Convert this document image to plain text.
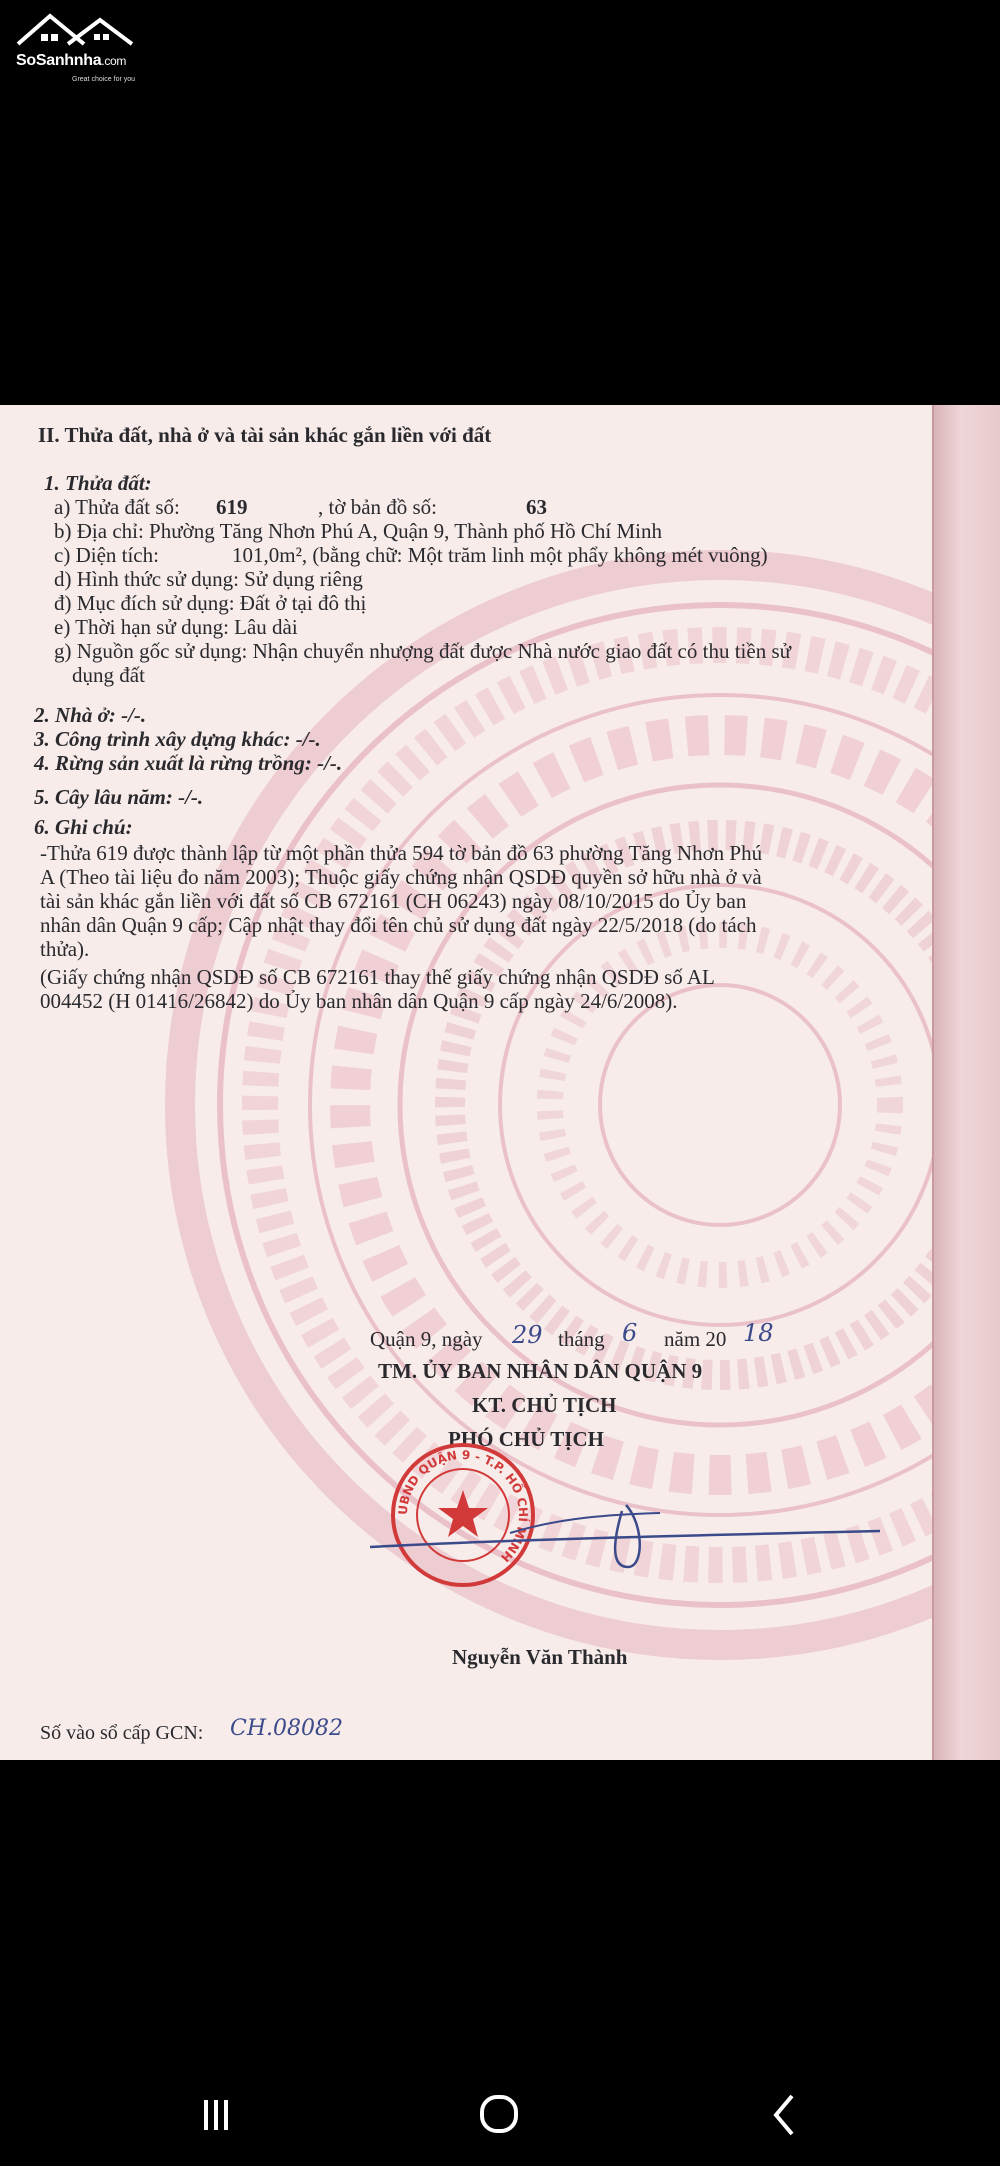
SoSanhnha.com
Great choice for you
II. Thửa đất, nhà ở và tài sản khác gắn liền với đất
1. Thửa đất:
a) Thửa đất số: 619	, tờ bản đồ số:	63
b) Địa chỉ: Phường Tăng Nhơn Phú A, Quận 9, Thành phố Hồ Chí Minh
c) Diện tích:	101,0m², (bằng chữ: Một trăm linh một phẩy không mét vuông)
d) Hình thức sử dụng: Sử dụng riêng
đ) Mục đích sử dụng: Đất ở tại đô thị
e) Thời hạn sử dụng: Lâu dài
g) Nguồn gốc sử dụng: Nhận chuyển nhượng đất được Nhà nước giao đất có thu tiền sử
dụng đất
2. Nhà ở: -/-.
3. Công trình xây dựng khác: -/-.
4. Rừng sản xuất là rừng trồng: -/-.
5. Cây lâu năm: -/-.
6. Ghi chú:
-Thửa 619 được thành lập từ một phần thửa 594 tờ bản đồ 63 phường Tăng Nhơn Phú
A (Theo tài liệu đo năm 2003); Thuộc giấy chứng nhận QSDĐ quyền sở hữu nhà ở và
tài sản khác gắn liền với đất số CB 672161 (CH 06243) ngày 08/10/2015 do Ủy ban
nhân dân Quận 9 cấp; Cập nhật thay đổi tên chủ sử dụng đất ngày 22/5/2018 (do tách
thửa).
(Giấy chứng nhận QSDĐ số CB 672161 thay thế giấy chứng nhận QSDĐ số AL
004452 (H 01416/26842) do Ủy ban nhân dân Quận 9 cấp ngày 24/6/2008).
Quận 9, ngày 29 tháng 6 năm 20 18
TM. ỦY BAN NHÂN DÂN QUẬN 9
KT. CHỦ TỊCH
PHÓ CHỦ TỊCH
UBND QUẬN 9 - T.P. HỒ CHÍ MINH
Nguyễn Văn Thành
Số vào sổ cấp GCN: CH.08082
